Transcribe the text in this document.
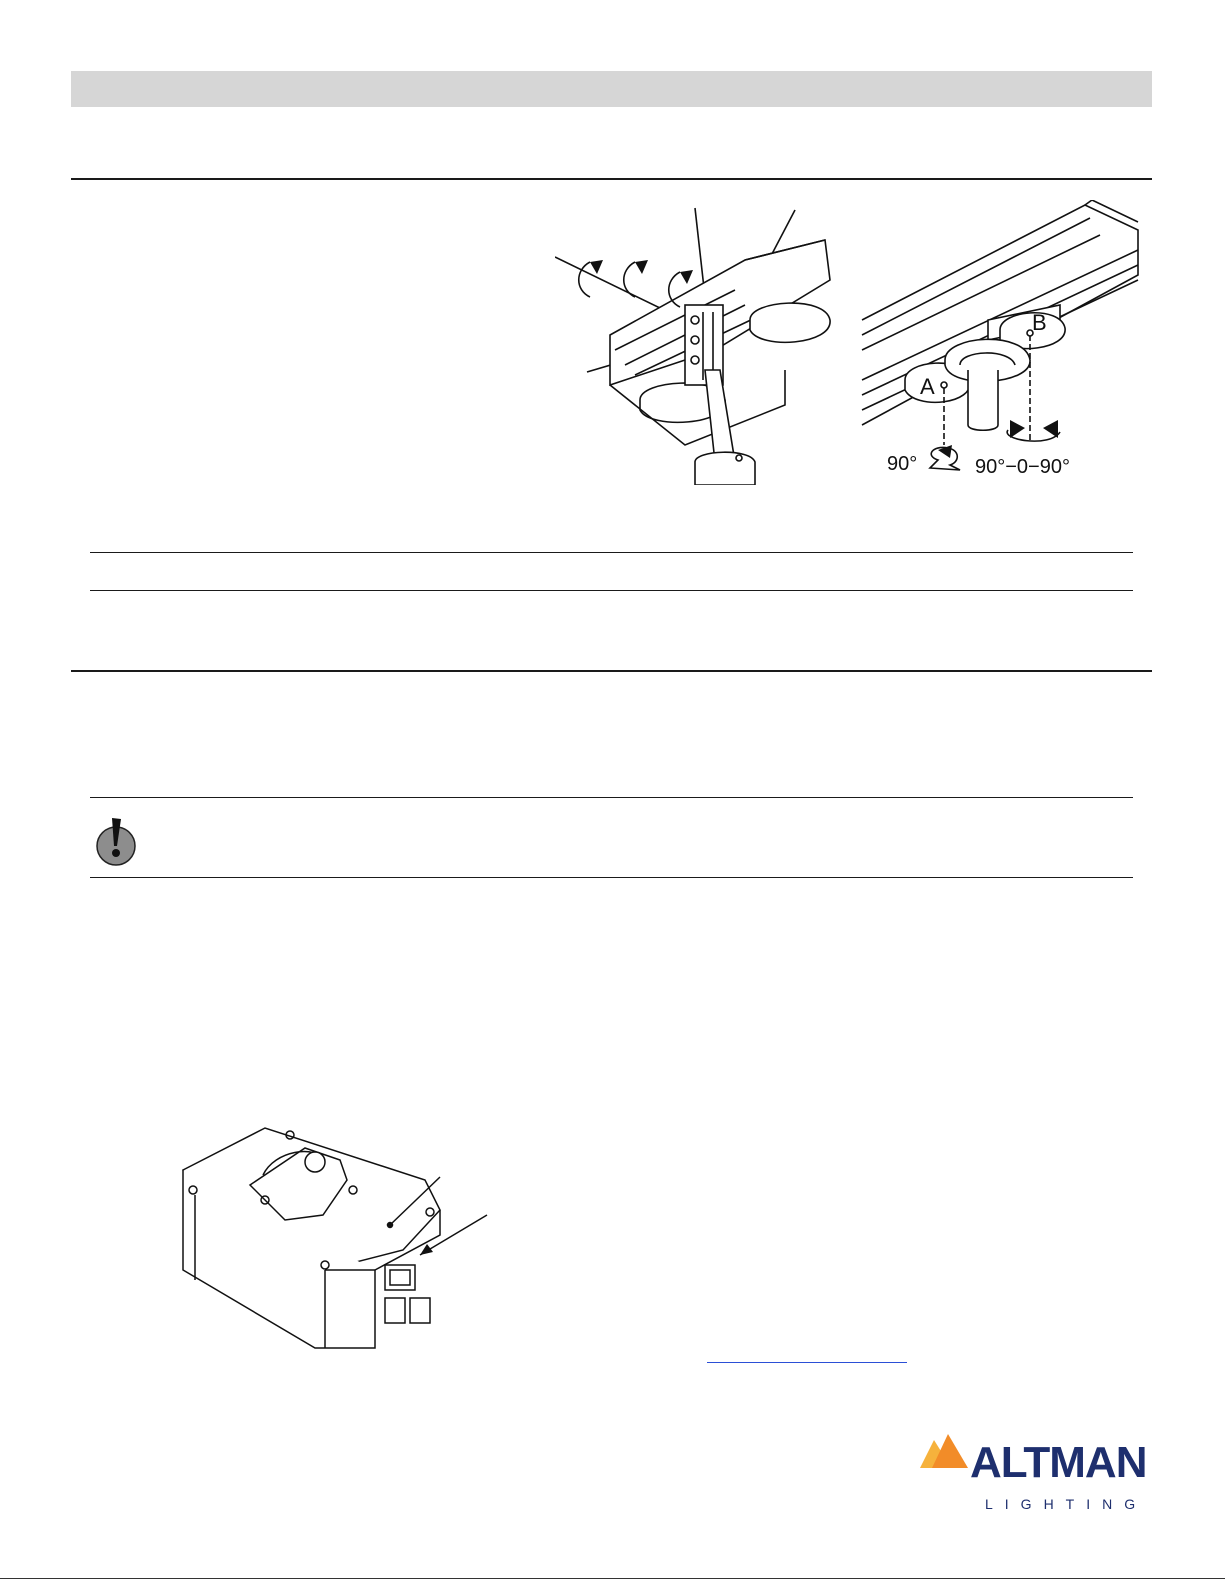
A
B
90°	90°−0−90°
ALTMAN
LIGHTING
